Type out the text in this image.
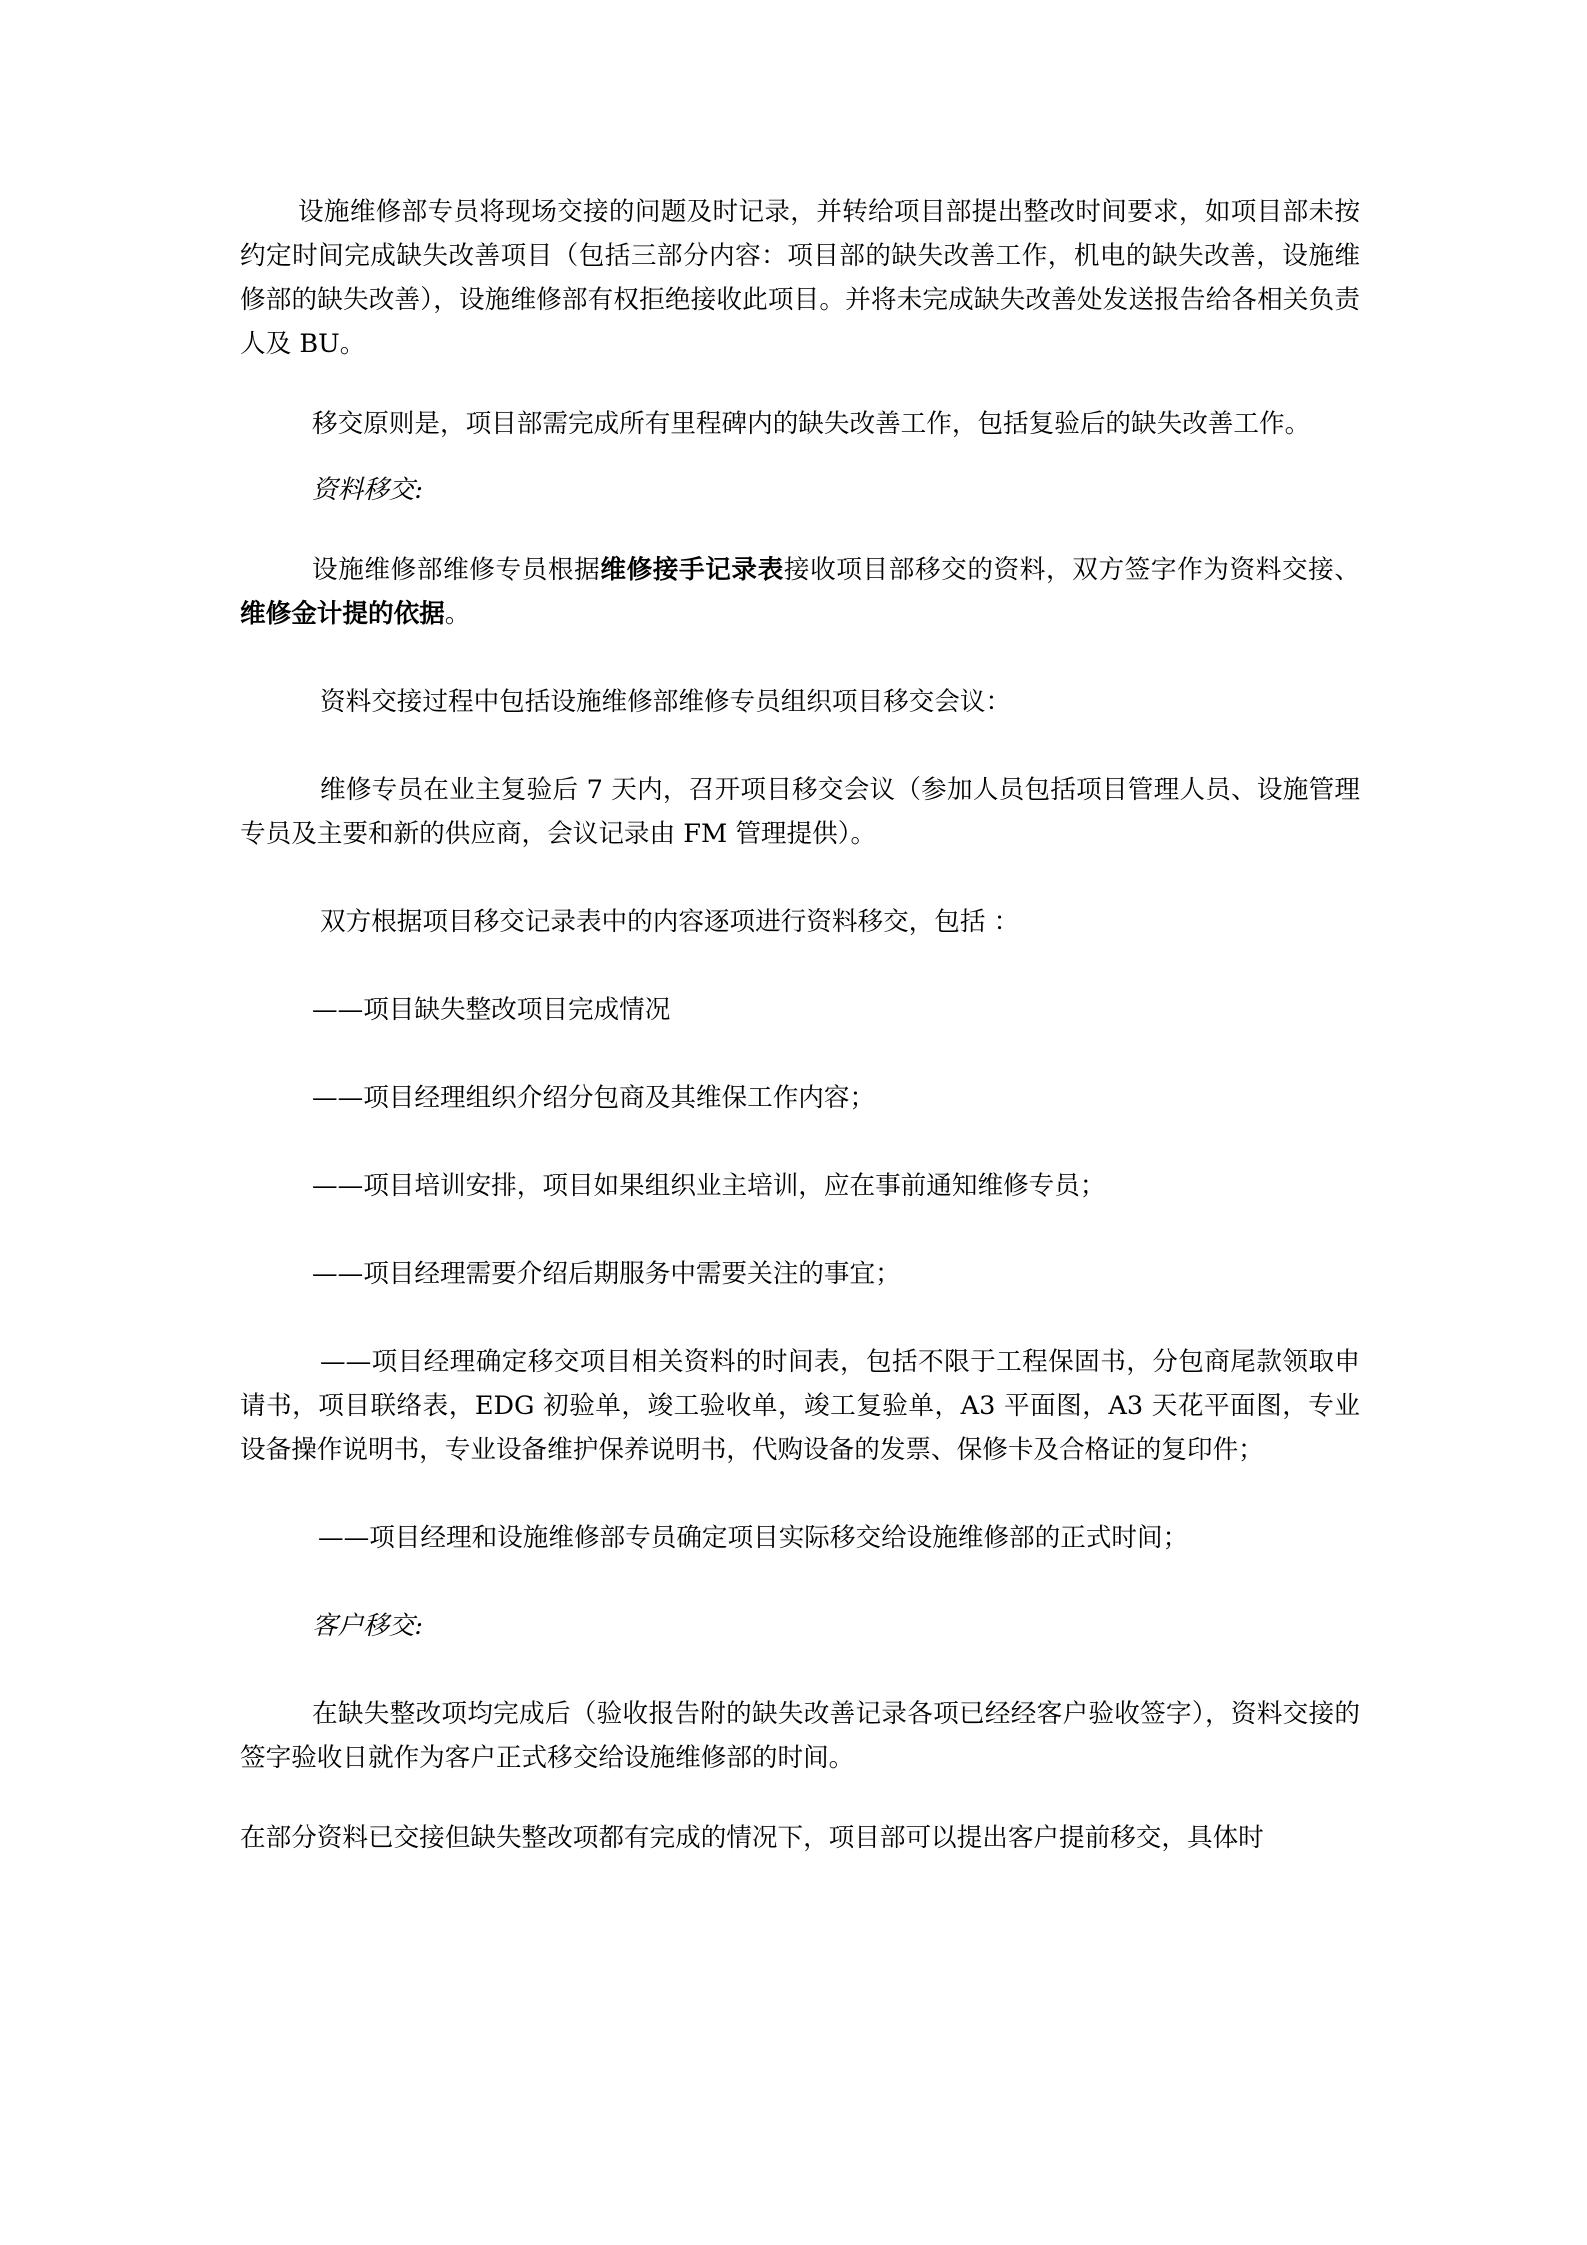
设施维修部专员将现场交接的问题及时记录，并转给项目部提出整改时间要求，如项目部未按约定时间完成缺失改善项目（包括三部分内容：项目部的缺失改善工作，机电的缺失改善，设施维修部的缺失改善），设施维修部有权拒绝接收此项目。并将未完成缺失改善处发送报告给各相关负责人及 BU。

移交原则是，项目部需完成所有里程碑内的缺失改善工作，包括复验后的缺失改善工作。

资料移交:

设施维修部维修专员根据维修接手记录表接收项目部移交的资料，双方签字作为资料交接、维修金计提的依据。

资料交接过程中包括设施维修部维修专员组织项目移交会议：

维修专员在业主复验后 7 天内，召开项目移交会议（参加人员包括项目管理人员、设施管理专员及主要和新的供应商，会议记录由 FM 管理提供）。

双方根据项目移交记录表中的内容逐项进行资料移交，包括 ：

——项目缺失整改项目完成情况

——项目经理组织介绍分包商及其维保工作内容；

——项目培训安排，项目如果组织业主培训，应在事前通知维修专员；

——项目经理需要介绍后期服务中需要关注的事宜；

——项目经理确定移交项目相关资料的时间表，包括不限于工程保固书，分包商尾款领取申请书，项目联络表，EDG 初验单，竣工验收单，竣工复验单，A3 平面图，A3 天花平面图，专业设备操作说明书，专业设备维护保养说明书，代购设备的发票、保修卡及合格证的复印件；

——项目经理和设施维修部专员确定项目实际移交给设施维修部的正式时间；

客户移交:

在缺失整改项均完成后（验收报告附的缺失改善记录各项已经经客户验收签字），资料交接的签字验收日就作为客户正式移交给设施维修部的时间。

在部分资料已交接但缺失整改项都有完成的情况下，项目部可以提出客户提前移交，具体时
